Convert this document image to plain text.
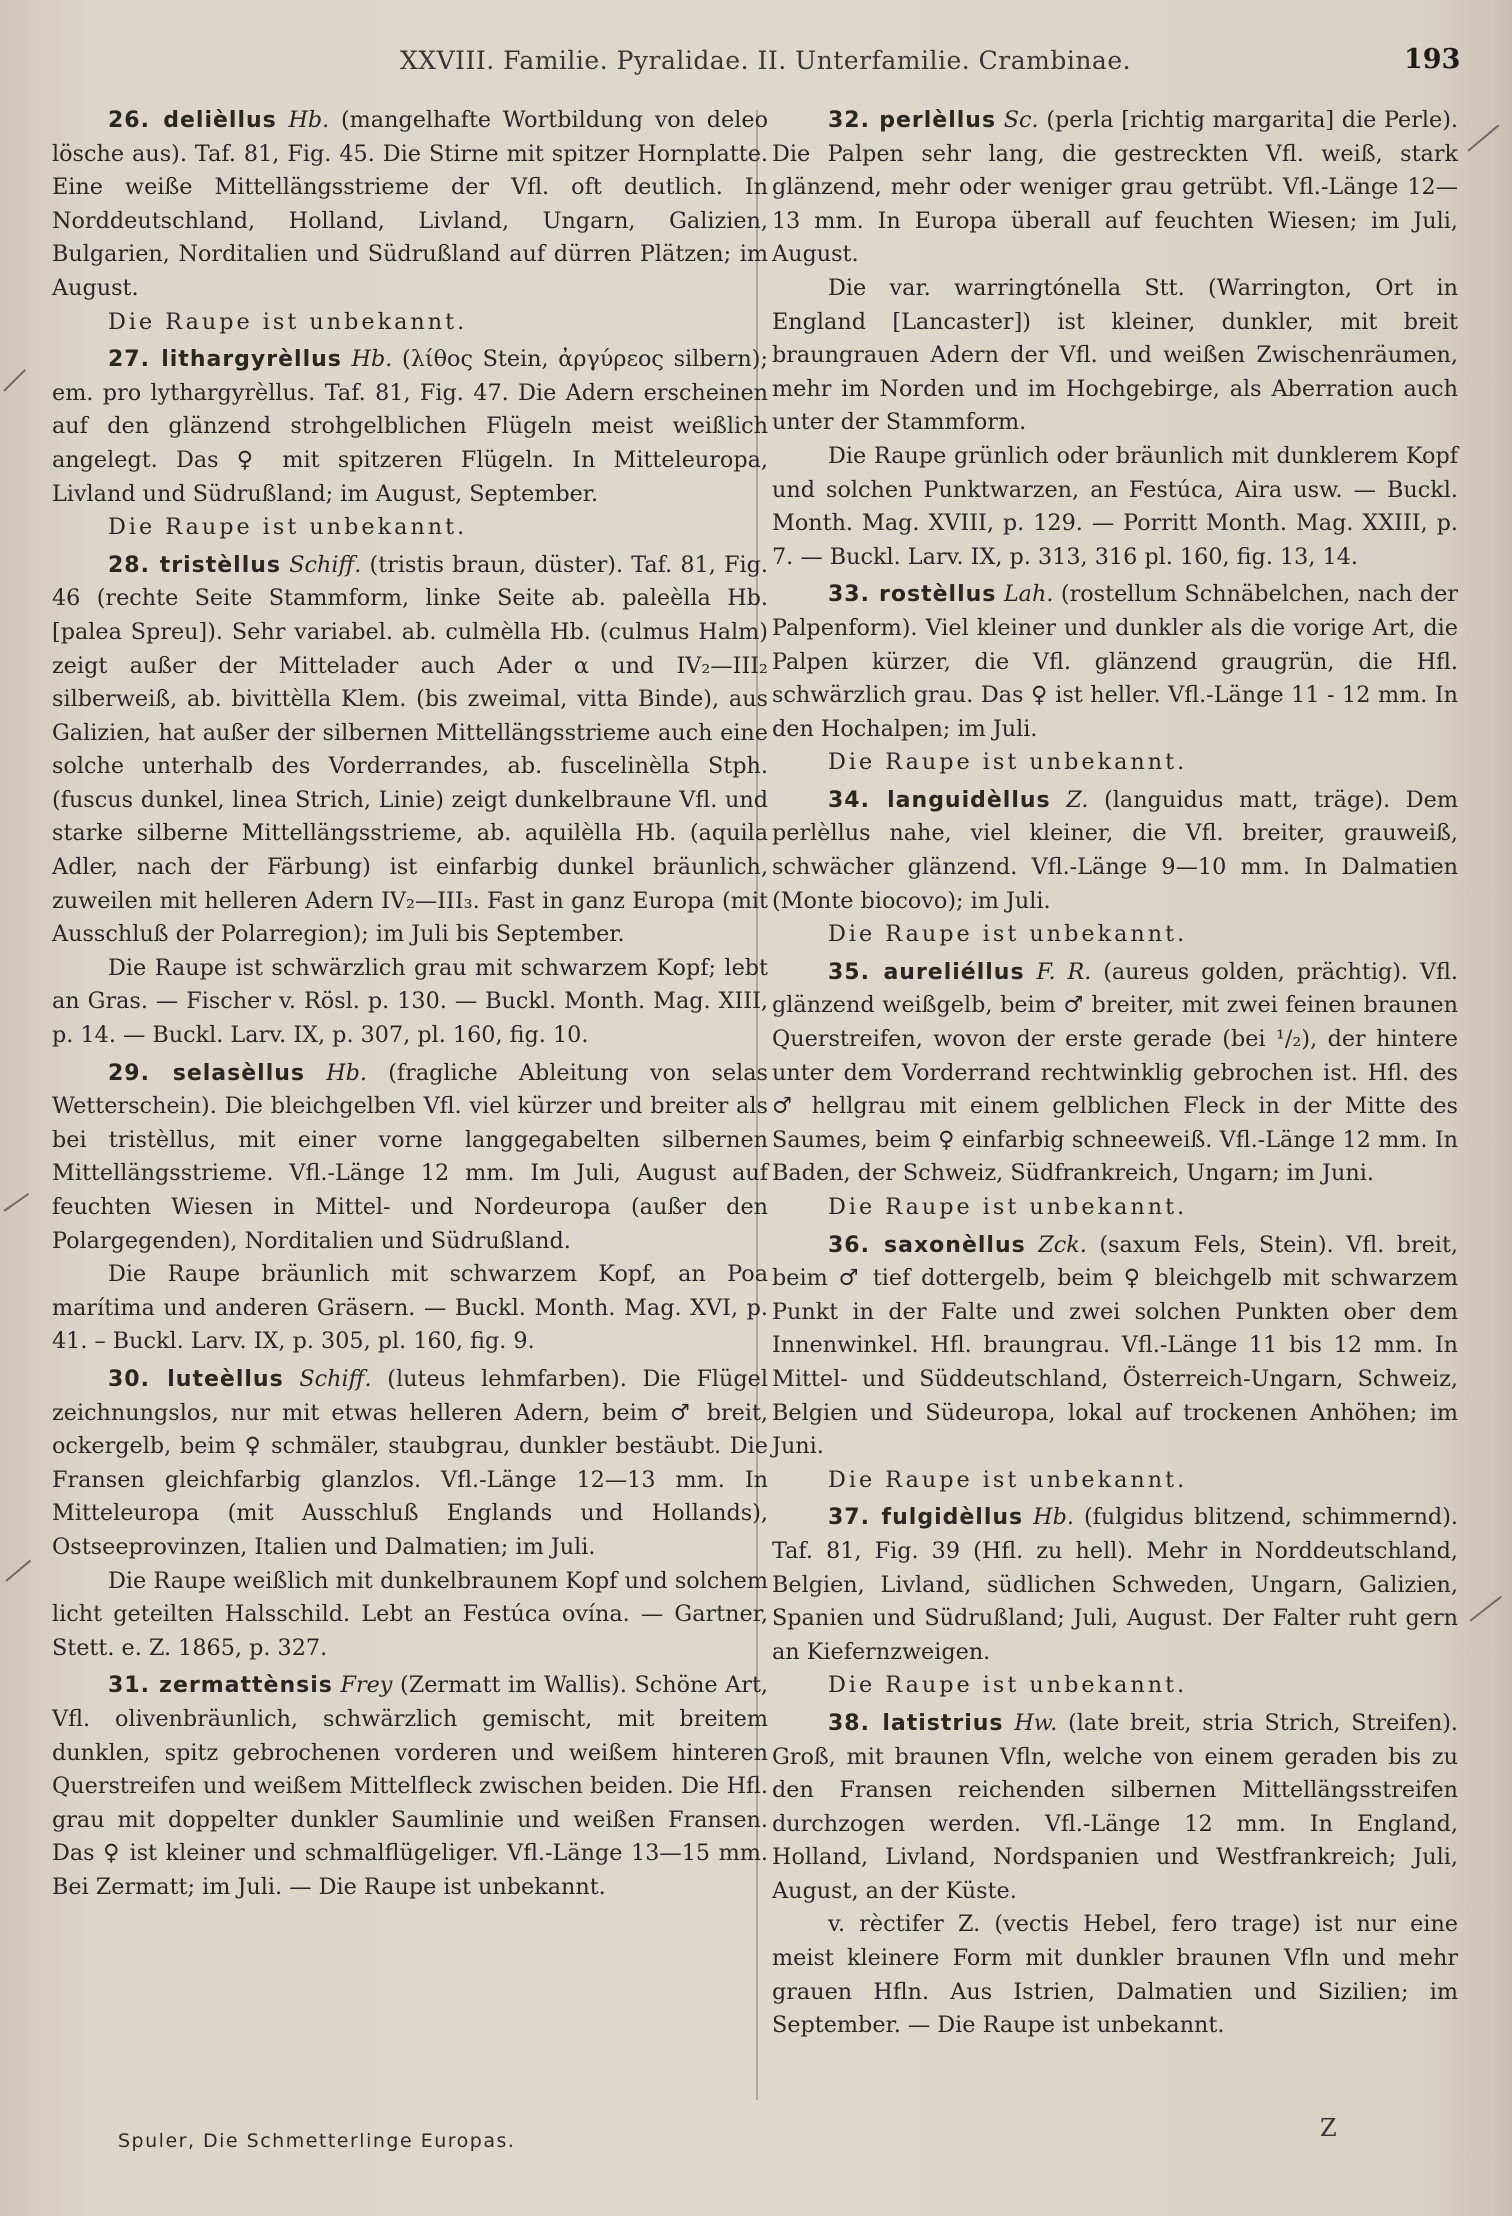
XXVIII. Familie. Pyralidae. II. Unterfamilie. Crambinae.	193

26. delièllus Hb. (mangelhafte Wortbildung von deleo lösche aus). Taf. 81, Fig. 45. Die Stirne mit spitzer Hornplatte. Eine weiße Mittellängsstrieme der Vfl. oft deutlich. In Norddeutschland, Holland, Livland, Ungarn, Galizien, Bulgarien, Norditalien und Südrußland auf dürren Plätzen; im August.

Die Raupe ist unbekannt.

27. lithargyrèllus Hb. (λίθος Stein, ἀργύρεος silbern); em. pro lythargyrèllus. Taf. 81, Fig. 47. Die Adern erscheinen auf den glänzend strohgelblichen Flügeln meist weißlich angelegt. Das ♀ mit spitzeren Flügeln. In Mitteleuropa, Livland und Südrußland; im August, September.

Die Raupe ist unbekannt.

28. tristèllus Schiff. (tristis braun, düster). Taf. 81, Fig. 46 (rechte Seite Stammform, linke Seite ab. paleèlla Hb. [palea Spreu]). Sehr variabel. ab. culmèlla Hb. (culmus Halm) zeigt außer der Mittelader auch Ader α und IV₂—III₂ silberweiß, ab. bivittèlla Klem. (bis zweimal, vitta Binde), aus Galizien, hat außer der silbernen Mittellängsstrieme auch eine solche unterhalb des Vorderrandes, ab. fuscelinèlla Stph. (fuscus dunkel, linea Strich, Linie) zeigt dunkelbraune Vfl. und starke silberne Mittellängsstrieme, ab. aquilèlla Hb. (aquila Adler, nach der Färbung) ist einfarbig dunkel bräunlich, zuweilen mit helleren Adern IV₂—III₃. Fast in ganz Europa (mit Ausschluß der Polarregion); im Juli bis September.

Die Raupe ist schwärzlich grau mit schwarzem Kopf; lebt an Gras. — Fischer v. Rösl. p. 130. — Buckl. Month. Mag. XIII, p. 14. — Buckl. Larv. IX, p. 307, pl. 160, fig. 10.

29. selasèllus Hb. (fragliche Ableitung von selas Wetterschein). Die bleichgelben Vfl. viel kürzer und breiter als bei tristèllus, mit einer vorne langgegabelten silbernen Mittellängsstrieme. Vfl.-Länge 12 mm. Im Juli, August auf feuchten Wiesen in Mittel- und Nordeuropa (außer den Polargegenden), Norditalien und Südrußland.

Die Raupe bräunlich mit schwarzem Kopf, an Poa marítima und anderen Gräsern. — Buckl. Month. Mag. XVI, p. 41. – Buckl. Larv. IX, p. 305, pl. 160, fig. 9.

30. luteèllus Schiff. (luteus lehmfarben). Die Flügel zeichnungslos, nur mit etwas helleren Adern, beim ♂ breit, ockergelb, beim ♀ schmäler, staubgrau, dunkler bestäubt. Die Fransen gleichfarbig glanzlos. Vfl.-Länge 12—13 mm. In Mitteleuropa (mit Ausschluß Englands und Hollands), Ostseeprovinzen, Italien und Dalmatien; im Juli.

Die Raupe weißlich mit dunkelbraunem Kopf und solchem licht geteilten Halsschild. Lebt an Festúca ovína. — Gartner, Stett. e. Z. 1865, p. 327.

31. zermattènsis Frey (Zermatt im Wallis). Schöne Art, Vfl. olivenbräunlich, schwärzlich gemischt, mit breitem dunklen, spitz gebrochenen vorderen und weißem hinteren Querstreifen und weißem Mittelfleck zwischen beiden. Die Hfl. grau mit doppelter dunkler Saumlinie und weißen Fransen. Das ♀ ist kleiner und schmalflügeliger. Vfl.-Länge 13—15 mm. Bei Zermatt; im Juli. — Die Raupe ist unbekannt.

32. perlèllus Sc. (perla [richtig margarita] die Perle). Die Palpen sehr lang, die gestreckten Vfl. weiß, stark glänzend, mehr oder weniger grau getrübt. Vfl.-Länge 12—13 mm. In Europa überall auf feuchten Wiesen; im Juli, August.

Die var. warringtónella Stt. (Warrington, Ort in England [Lancaster]) ist kleiner, dunkler, mit breit braungrauen Adern der Vfl. und weißen Zwischenräumen, mehr im Norden und im Hochgebirge, als Aberration auch unter der Stammform.

Die Raupe grünlich oder bräunlich mit dunklerem Kopf und solchen Punktwarzen, an Festúca, Aira usw. — Buckl. Month. Mag. XVIII, p. 129. — Porritt Month. Mag. XXIII, p. 7. — Buckl. Larv. IX, p. 313, 316 pl. 160, fig. 13, 14.

33. rostèllus Lah. (rostellum Schnäbelchen, nach der Palpenform). Viel kleiner und dunkler als die vorige Art, die Palpen kürzer, die Vfl. glänzend graugrün, die Hfl. schwärzlich grau. Das ♀ ist heller. Vfl.-Länge 11 - 12 mm. In den Hochalpen; im Juli.

Die Raupe ist unbekannt.

34. languidèllus Z. (languidus matt, träge). Dem perlèllus nahe, viel kleiner, die Vfl. breiter, grauweiß, schwächer glänzend. Vfl.-Länge 9—10 mm. In Dalmatien (Monte biocovo); im Juli.

Die Raupe ist unbekannt.

35. aureliéllus F. R. (aureus golden, prächtig). Vfl. glänzend weißgelb, beim ♂ breiter, mit zwei feinen braunen Querstreifen, wovon der erste gerade (bei ¹/₂), der hintere unter dem Vorderrand rechtwinklig gebrochen ist. Hfl. des ♂ hellgrau mit einem gelblichen Fleck in der Mitte des Saumes, beim ♀ einfarbig schneeweiß. Vfl.-Länge 12 mm. In Baden, der Schweiz, Südfrankreich, Ungarn; im Juni.

Die Raupe ist unbekannt.

36. saxonèllus Zck. (saxum Fels, Stein). Vfl. breit, beim ♂ tief dottergelb, beim ♀ bleichgelb mit schwarzem Punkt in der Falte und zwei solchen Punkten ober dem Innenwinkel. Hfl. braungrau. Vfl.-Länge 11 bis 12 mm. In Mittel- und Süddeutschland, Österreich-Ungarn, Schweiz, Belgien und Südeuropa, lokal auf trockenen Anhöhen; im Juni.

Die Raupe ist unbekannt.

37. fulgidèllus Hb. (fulgidus blitzend, schimmernd). Taf. 81, Fig. 39 (Hfl. zu hell). Mehr in Norddeutschland, Belgien, Livland, südlichen Schweden, Ungarn, Galizien, Spanien und Südrußland; Juli, August. Der Falter ruht gern an Kiefernzweigen.

Die Raupe ist unbekannt.

38. latistrius Hw. (late breit, stria Strich, Streifen). Groß, mit braunen Vfln, welche von einem geraden bis zu den Fransen reichenden silbernen Mittellängsstreifen durchzogen werden. Vfl.-Länge 12 mm. In England, Holland, Livland, Nordspanien und Westfrankreich; Juli, August, an der Küste.

v. rèctifer Z. (vectis Hebel, fero trage) ist nur eine meist kleinere Form mit dunkler braunen Vfln und mehr grauen Hfln. Aus Istrien, Dalmatien und Sizilien; im September. — Die Raupe ist unbekannt.

Spuler, Die Schmetterlinge Europas.	Z
